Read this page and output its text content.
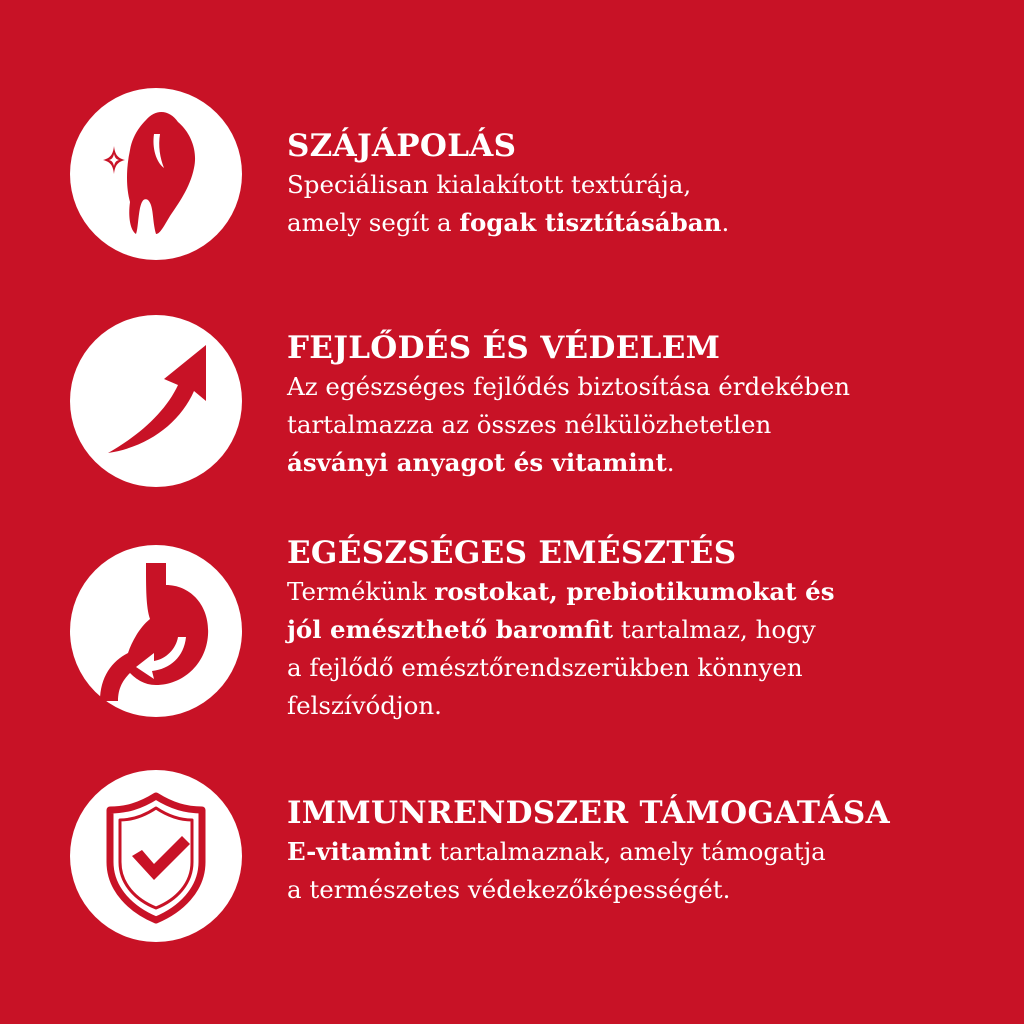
SZÁJÁPOLÁS
Speciálisan kialakított textúrája,
amely segít a fogak tisztításában.
FEJLŐDÉS ÉS VÉDELEM
Az egészséges fejlődés biztosítása érdekében
tartalmazza az összes nélkülözhetetlen
ásványi anyagot és vitamint.
EGÉSZSÉGES EMÉSZTÉS
Termékünk rostokat, prebiotikumokat és
jól emészthető baromfit tartalmaz, hogy
a fejlődő emésztőrendszerükben könnyen
felszívódjon.
IMMUNRENDSZER TÁMOGATÁSA
E-vitamint tartalmaznak, amely támogatja
a természetes védekezőképességét.
